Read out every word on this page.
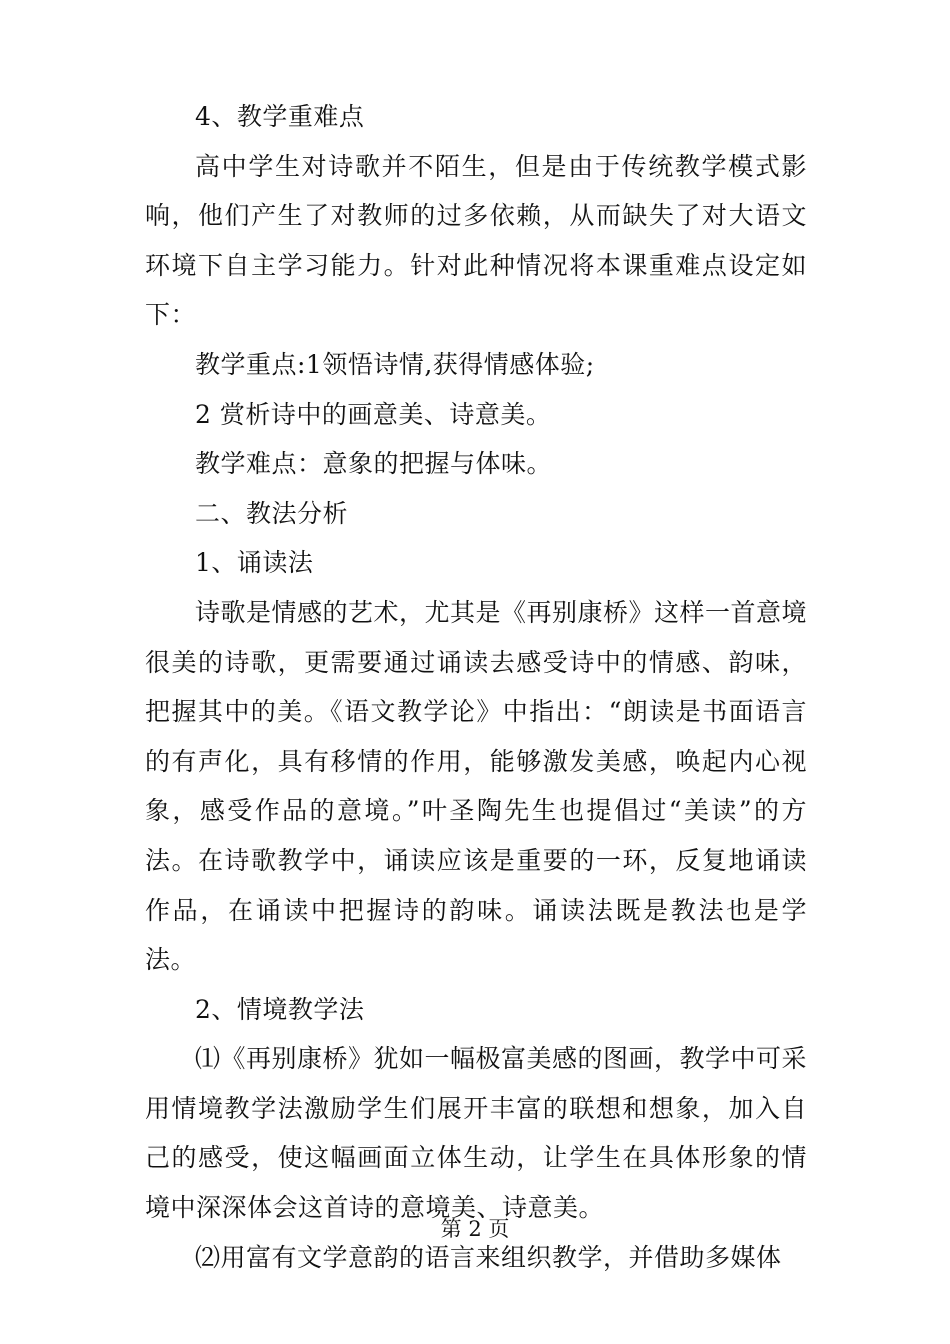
4、教学重难点

高中学生对诗歌并不陌生，但是由于传统教学模式影响，他们产生了对教师的过多依赖，从而缺失了对大语文环境下自主学习能力。针对此种情况将本课重难点设定如下：

教学重点:1领悟诗情,获得情感体验;

2 赏析诗中的画意美、诗意美。

教学难点：意象的把握与体味。

二、教法分析

1、诵读法

诗歌是情感的艺术，尤其是《再别康桥》这样一首意境很美的诗歌，更需要通过诵读去感受诗中的情感、韵味，把握其中的美。《语文教学论》中指出：“朗读是书面语言的有声化，具有移情的作用，能够激发美感，唤起内心视象，感受作品的意境。”叶圣陶先生也提倡过“美读”的方法。在诗歌教学中，诵读应该是重要的一环，反复地诵读作品，在诵读中把握诗的韵味。诵读法既是教法也是学法。

2、情境教学法

⑴《再别康桥》犹如一幅极富美感的图画，教学中可采用情境教学法激励学生们展开丰富的联想和想象，加入自己的感受，使这幅画面立体生动，让学生在具体形象的情境中深深体会这首诗的意境美、诗意美。

⑵用富有文学意韵的语言来组织教学，并借助多媒体

第 2 页
